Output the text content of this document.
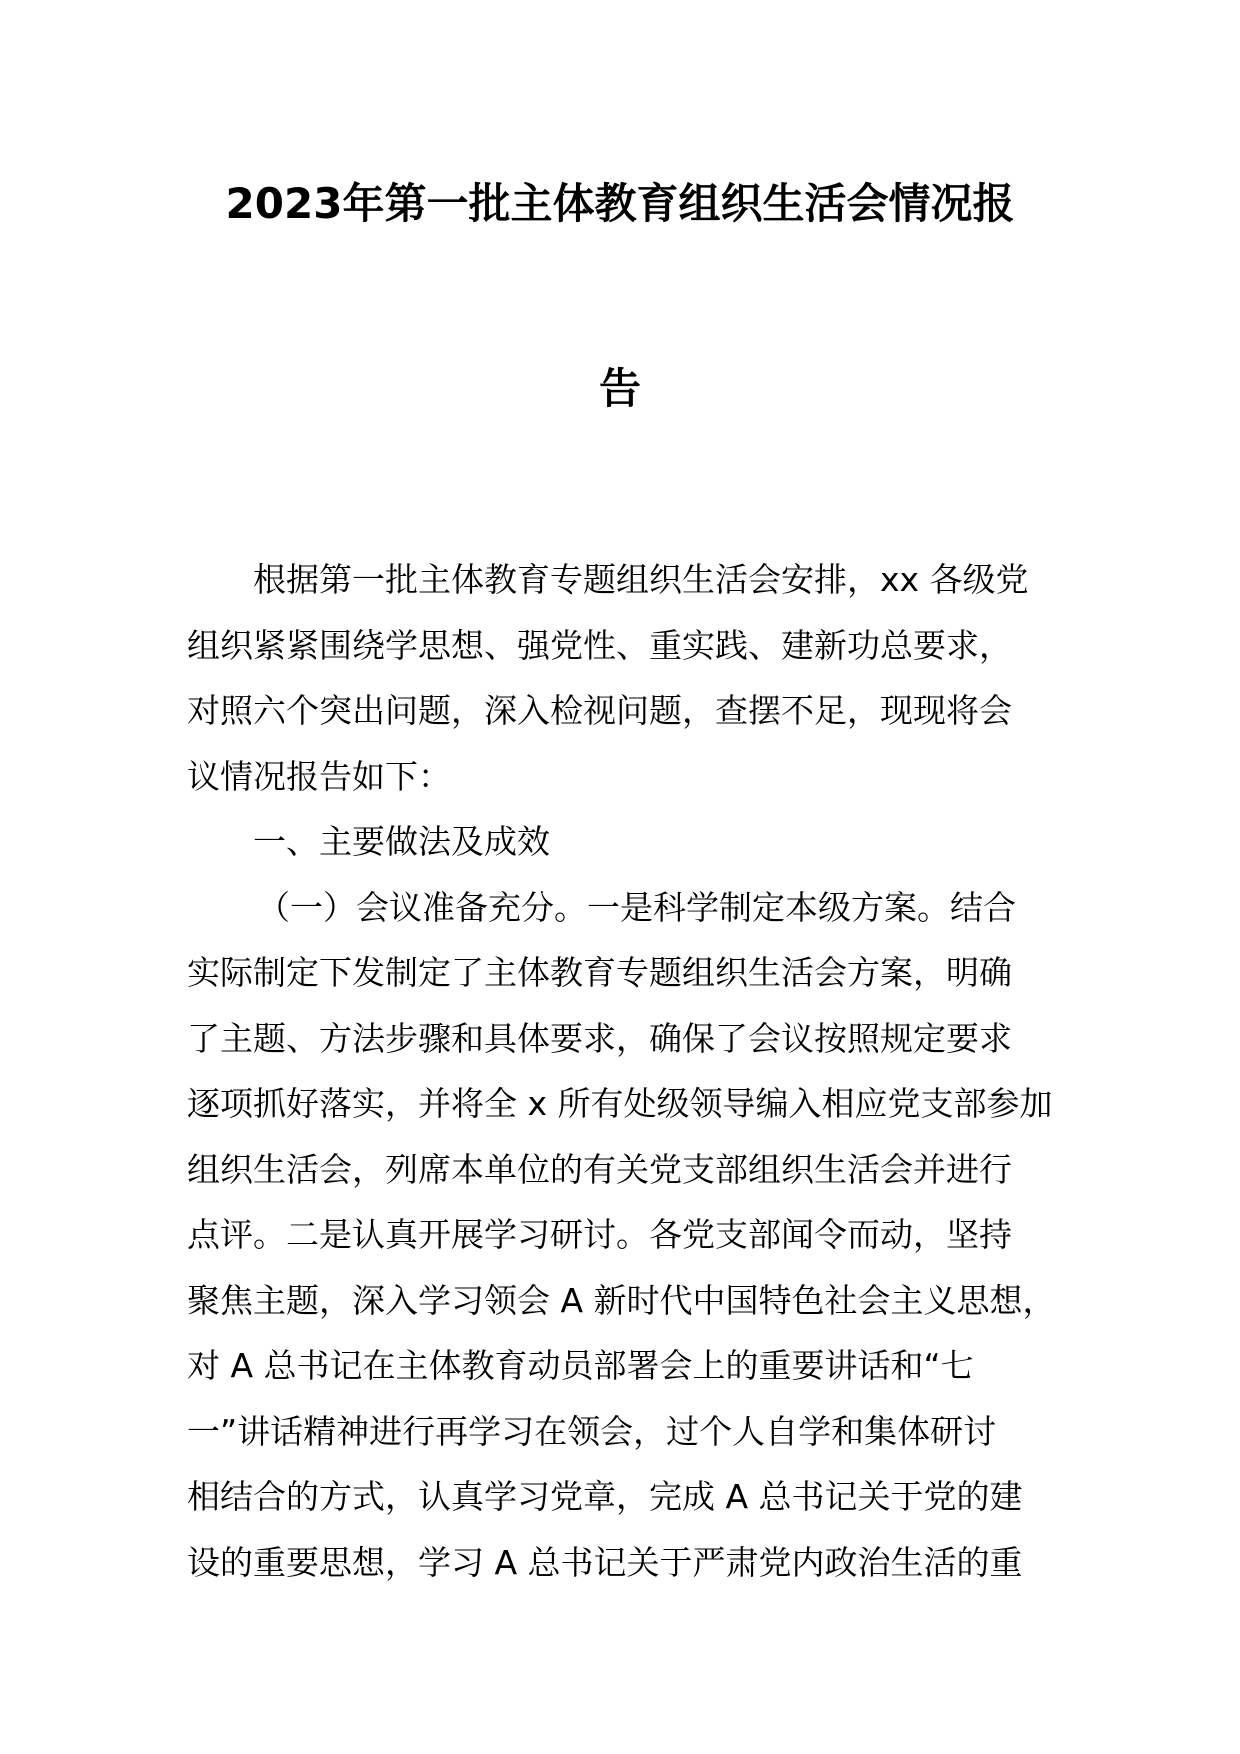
2023年第一批主体教育组织生活会情况报
告
根据第一批主体教育专题组织生活会安排，xx 各级党
组织紧紧围绕学思想、强党性、重实践、建新功总要求，
对照六个突出问题，深入检视问题，查摆不足，现现将会
议情况报告如下：
一、主要做法及成效
（一）会议准备充分。一是科学制定本级方案。结合
实际制定下发制定了主体教育专题组织生活会方案，明确
了主题、方法步骤和具体要求，确保了会议按照规定要求
逐项抓好落实，并将全 x 所有处级领导编入相应党支部参加
组织生活会，列席本单位的有关党支部组织生活会并进行
点评。二是认真开展学习研讨。各党支部闻令而动，坚持
聚焦主题，深入学习领会 A 新时代中国特色社会主义思想，
对 A 总书记在主体教育动员部署会上的重要讲话和“七
一”讲话精神进行再学习在领会，过个人自学和集体研讨
相结合的方式，认真学习党章，完成 A 总书记关于党的建
设的重要思想，学习 A 总书记关于严肃党内政治生活的重
